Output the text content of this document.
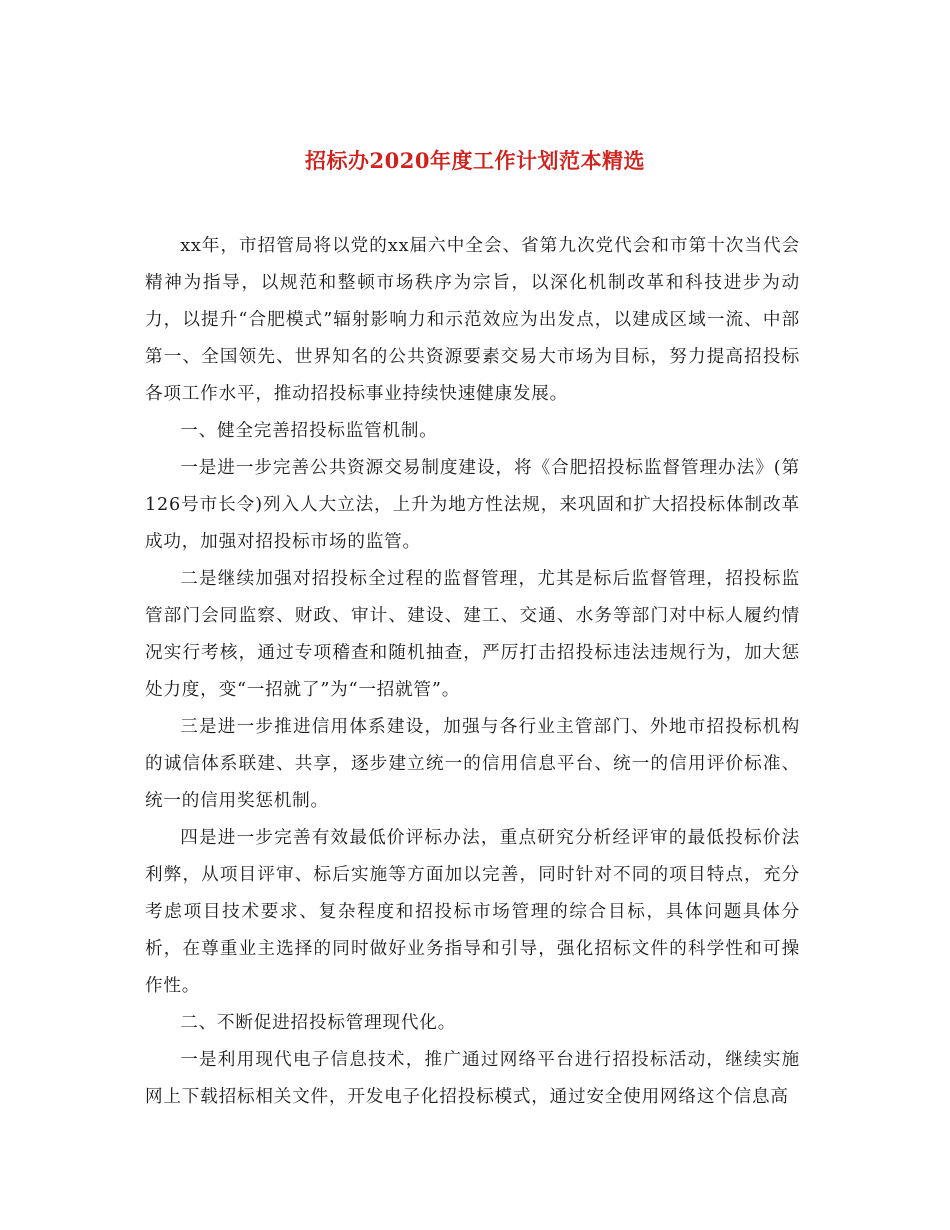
招标办2020年度工作计划范本精选

xx年，市招管局将以党的xx届六中全会、省第九次党代会和市第十次当代会精神为指导，以规范和整顿市场秩序为宗旨，以深化机制改革和科技进步为动力，以提升“合肥模式”辐射影响力和示范效应为出发点，以建成区域一流、中部第一、全国领先、世界知名的公共资源要素交易大市场为目标，努力提高招投标各项工作水平，推动招投标事业持续快速健康发展。

一、健全完善招投标监管机制。

一是进一步完善公共资源交易制度建设，将《合肥招投标监督管理办法》(第126号市长令)列入人大立法，上升为地方性法规，来巩固和扩大招投标体制改革成功，加强对招投标市场的监管。

二是继续加强对招投标全过程的监督管理，尤其是标后监督管理，招投标监管部门会同监察、财政、审计、建设、建工、交通、水务等部门对中标人履约情况实行考核，通过专项稽查和随机抽查，严厉打击招投标违法违规行为，加大惩处力度，变“一招就了”为“一招就管”。

三是进一步推进信用体系建设，加强与各行业主管部门、外地市招投标机构的诚信体系联建、共享，逐步建立统一的信用信息平台、统一的信用评价标准、统一的信用奖惩机制。

四是进一步完善有效最低价评标办法，重点研究分析经评审的最低投标价法利弊，从项目评审、标后实施等方面加以完善，同时针对不同的项目特点，充分考虑项目技术要求、复杂程度和招投标市场管理的综合目标，具体问题具体分析，在尊重业主选择的同时做好业务指导和引导，强化招标文件的科学性和可操作性。

二、不断促进招投标管理现代化。

一是利用现代电子信息技术，推广通过网络平台进行招投标活动，继续实施网上下载招标相关文件，开发电子化招投标模式，通过安全使用网络这个信息高
